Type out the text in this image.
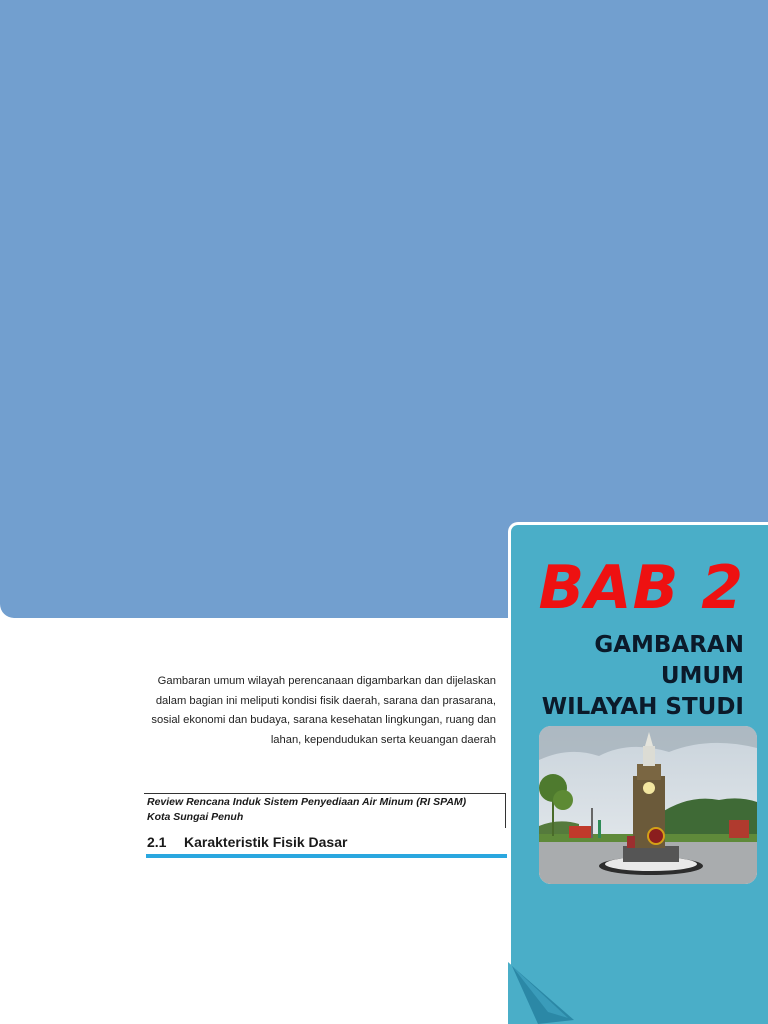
BAB 2
GAMBARAN
UMUM
WILAYAH STUDI
Gambaran umum wilayah perencanaan digambarkan dan dijelaskan dalam bagian ini meliputi kondisi fisik daerah, sarana dan prasarana, sosial ekonomi dan budaya, sarana kesehatan lingkungan, ruang dan lahan, kependudukan serta keuangan daerah
Review Rencana Induk Sistem Penyediaan Air Minum (RI SPAM)
Kota Sungai Penuh
2.1 Karakteristik Fisik Dasar
